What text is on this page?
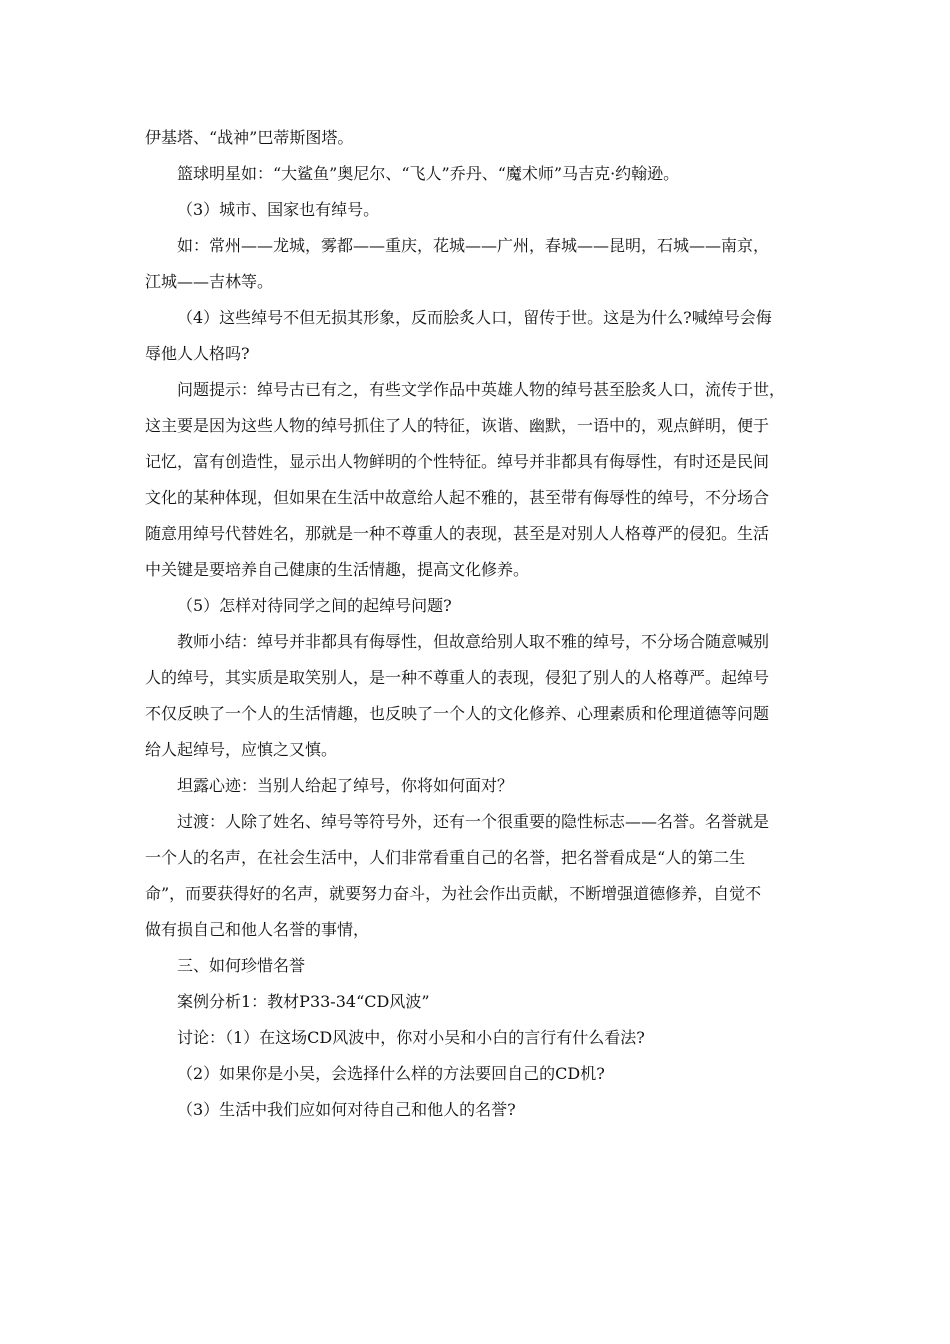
伊基塔、“战神”巴蒂斯图塔。
篮球明星如：“大鲨鱼”奥尼尔、“飞人”乔丹、“魔术师”马吉克·约翰逊。
（3）城市、国家也有绰号。
如：常州——龙城，雾都——重庆，花城——广州，春城——昆明，石城——南京，
江城——吉林等。
（4）这些绰号不但无损其形象，反而脍炙人口，留传于世。这是为什么?喊绰号会侮
辱他人人格吗?
问题提示：绰号古已有之，有些文学作品中英雄人物的绰号甚至脍炙人口，流传于世，
这主要是因为这些人物的绰号抓住了人的特征，诙谐、幽默，一语中的，观点鲜明，便于
记忆，富有创造性，显示出人物鲜明的个性特征。绰号并非都具有侮辱性，有时还是民间
文化的某种体现，但如果在生活中故意给人起不雅的，甚至带有侮辱性的绰号，不分场合
随意用绰号代替姓名，那就是一种不尊重人的表现，甚至是对别人人格尊严的侵犯。生活
中关键是要培养自己健康的生活情趣，提高文化修养。
（5）怎样对待同学之间的起绰号问题?
教师小结：绰号并非都具有侮辱性，但故意给别人取不雅的绰号，不分场合随意喊别
人的绰号，其实质是取笑别人，是一种不尊重人的表现，侵犯了别人的人格尊严。起绰号
不仅反映了一个人的生活情趣，也反映了一个人的文化修养、心理素质和伦理道德等问题
给人起绰号，应慎之又慎。
坦露心迹：当别人给起了绰号，你将如何面对？
过渡：人除了姓名、绰号等符号外，还有一个很重要的隐性标志——名誉。名誉就是
一个人的名声，在社会生活中，人们非常看重自己的名誉，把名誉看成是“人的第二生
命”，而要获得好的名声，就要努力奋斗，为社会作出贡献，不断增强道德修养，自觉不
做有损自己和他人名誉的事情，
三、如何珍惜名誉
案例分析1：教材P33-34“CD风波”
讨论：（1）在这场CD风波中，你对小吴和小白的言行有什么看法?
（2）如果你是小吴，会选择什么样的方法要回自己的CD机?
（3）生活中我们应如何对待自己和他人的名誉?
